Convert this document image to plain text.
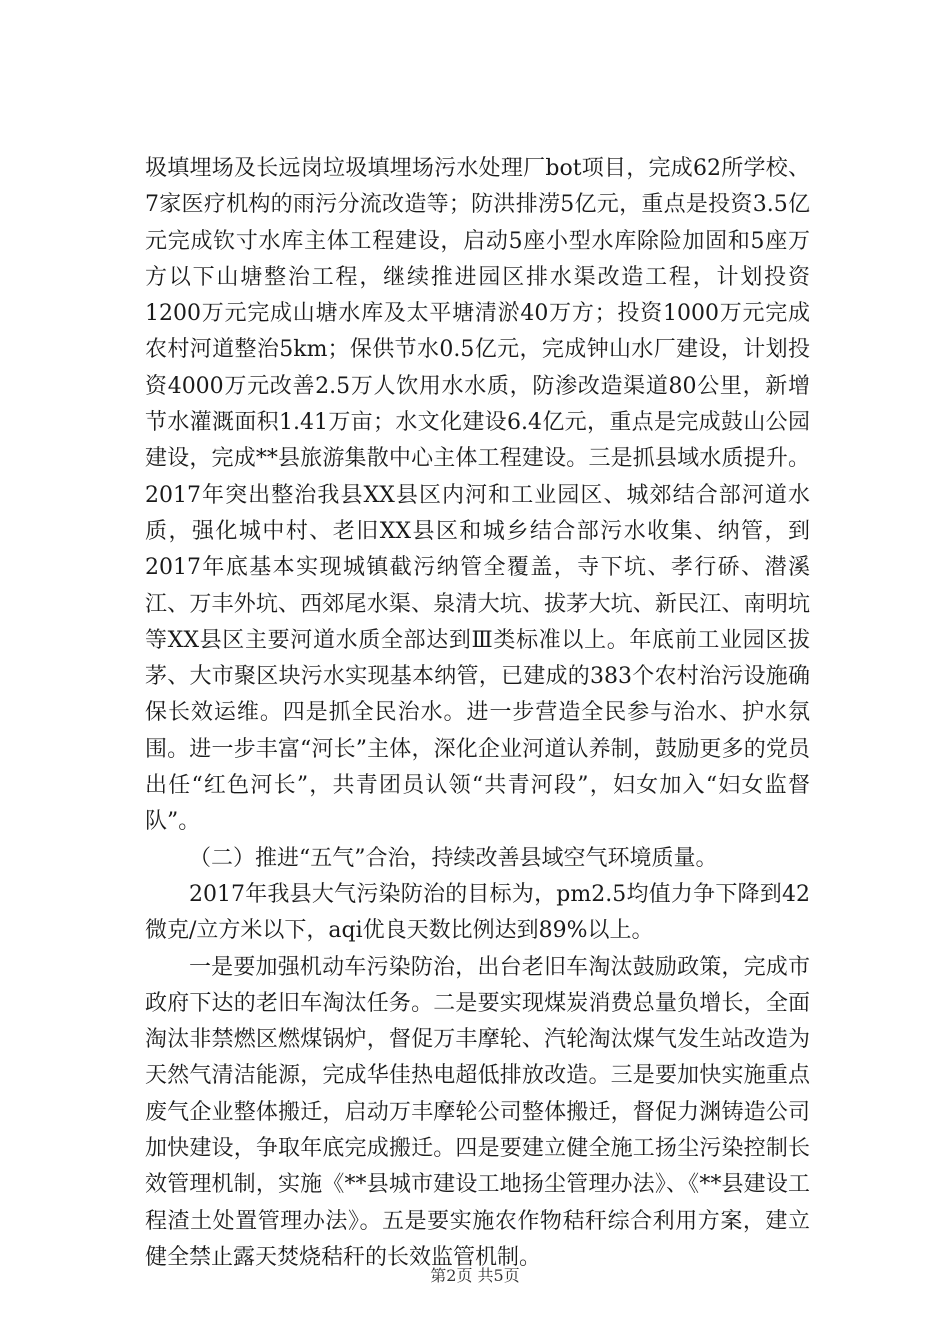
圾填埋场及长远岗垃圾填埋场污水处理厂bot项目，完成62所学校、7家医疗机构的雨污分流改造等；防洪排涝5亿元，重点是投资3.5亿元完成钦寸水库主体工程建设，启动5座小型水库除险加固和5座万方以下山塘整治工程，继续推进园区排水渠改造工程，计划投资1200万元完成山塘水库及太平塘清淤40万方；投资1000万元完成农村河道整治5km；保供节水0.5亿元，完成钟山水厂建设，计划投资4000万元改善2.5万人饮用水水质，防渗改造渠道80公里，新增节水灌溉面积1.41万亩；水文化建设6.4亿元，重点是完成鼓山公园建设，完成**县旅游集散中心主体工程建设。三是抓县域水质提升。2017年突出整治我县XX县区内河和工业园区、城郊结合部河道水质，强化城中村、老旧XX县区和城乡结合部污水收集、纳管，到2017年底基本实现城镇截污纳管全覆盖，寺下坑、孝行硚、潜溪江、万丰外坑、西郊尾水渠、泉清大坑、拔茅大坑、新民江、南明坑等XX县区主要河道水质全部达到Ⅲ类标准以上。年底前工业园区拔茅、大市聚区块污水实现基本纳管，已建成的383个农村治污设施确保长效运维。四是抓全民治水。进一步营造全民参与治水、护水氛围。进一步丰富“河长”主体，深化企业河道认养制，鼓励更多的党员出任“红色河长”，共青团员认领“共青河段”，妇女加入“妇女监督队”。

（二）推进“五气”合治，持续改善县域空气环境质量。

2017年我县大气污染防治的目标为，pm2.5均值力争下降到42微克/立方米以下，aqi优良天数比例达到89%以上。

一是要加强机动车污染防治，出台老旧车淘汰鼓励政策，完成市政府下达的老旧车淘汰任务。二是要实现煤炭消费总量负增长，全面淘汰非禁燃区燃煤锅炉，督促万丰摩轮、汽轮淘汰煤气发生站改造为天然气清洁能源，完成华佳热电超低排放改造。三是要加快实施重点废气企业整体搬迁，启动万丰摩轮公司整体搬迁，督促力渊铸造公司加快建设，争取年底完成搬迁。四是要建立健全施工扬尘污染控制长效管理机制，实施《**县城市建设工地扬尘管理办法》、《**县建设工程渣土处置管理办法》。五是要实施农作物秸秆综合利用方案，建立健全禁止露天焚烧秸秆的长效监管机制。

第2页 共5页
